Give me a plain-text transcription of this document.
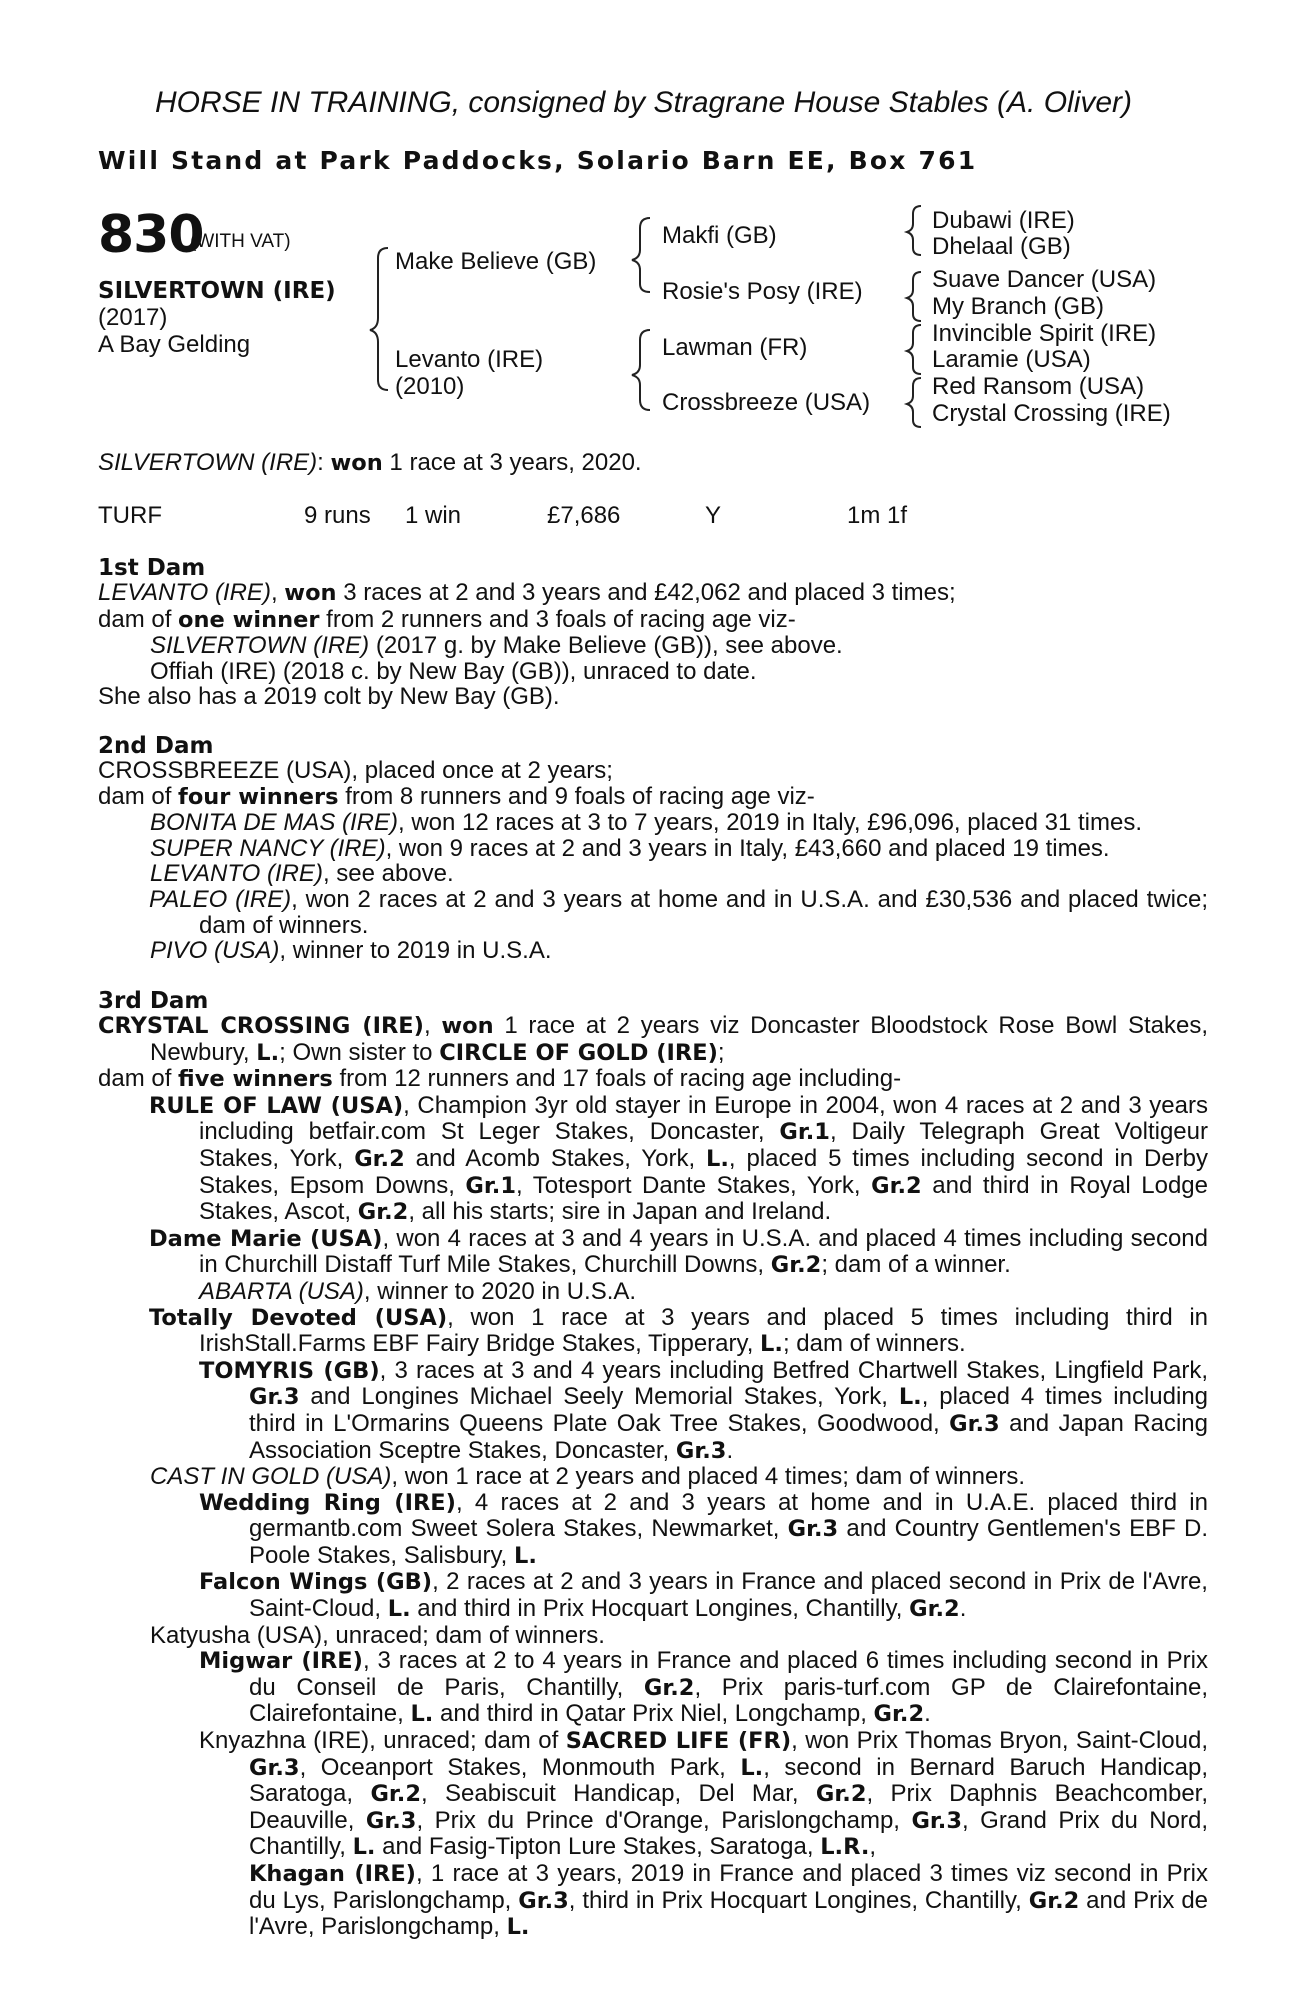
HORSE IN TRAINING, consigned by Stragrane House Stables (A. Oliver)
Will Stand at Park Paddocks, Solario Barn EE, Box 761
830
(WITH VAT)
SILVERTOWN (IRE)
(2017)
A Bay Gelding
Make Believe (GB)
Levanto (IRE)
(2010)
Makfi (GB)
Rosie's Posy (IRE)
Lawman (FR)
Crossbreeze (USA)
Dubawi (IRE)
Dhelaal (GB)
Suave Dancer (USA)
My Branch (GB)
Invincible Spirit (IRE)
Laramie (USA)
Red Ransom (USA)
Crystal Crossing (IRE)
SILVERTOWN (IRE): won 1 race at 3 years, 2020.
TURF	9 runs 1 win	£7,686	Y	1m 1f
1st Dam

LEVANTO (IRE), won 3 races at 2 and 3 years and £42,062 and placed 3 times;

dam of one winner from 2 runners and 3 foals of racing age viz-

SILVERTOWN (IRE) (2017 g. by Make Believe (GB)), see above.

Offiah (IRE) (2018 c. by New Bay (GB)), unraced to date.

She also has a 2019 colt by New Bay (GB).

2nd Dam

CROSSBREEZE (USA), placed once at 2 years;

dam of four winners from 8 runners and 9 foals of racing age viz-

BONITA DE MAS (IRE), won 12 races at 3 to 7 years, 2019 in Italy, £96,096, placed 31 times.

SUPER NANCY (IRE), won 9 races at 2 and 3 years in Italy, £43,660 and placed 19 times.

LEVANTO (IRE), see above.

PALEO (IRE), won 2 races at 2 and 3 years at home and in U.S.A. and £30,536 and placed twice; dam of winners.

PIVO (USA), winner to 2019 in U.S.A.

3rd Dam

CRYSTAL CROSSING (IRE), won 1 race at 2 years viz Doncaster Bloodstock Rose Bowl Stakes, Newbury, L.; Own sister to CIRCLE OF GOLD (IRE);

dam of five winners from 12 runners and 17 foals of racing age including-

RULE OF LAW (USA), Champion 3yr old stayer in Europe in 2004, won 4 races at 2 and 3 years including betfair.com St Leger Stakes, Doncaster, Gr.1, Daily Telegraph Great Voltigeur Stakes, York, Gr.2 and Acomb Stakes, York, L., placed 5 times including second in Derby Stakes, Epsom Downs, Gr.1, Totesport Dante Stakes, York, Gr.2 and third in Royal Lodge Stakes, Ascot, Gr.2, all his starts; sire in Japan and Ireland.

Dame Marie (USA), won 4 races at 3 and 4 years in U.S.A. and placed 4 times including second in Churchill Distaff Turf Mile Stakes, Churchill Downs, Gr.2; dam of a winner.

ABARTA (USA), winner to 2020 in U.S.A.

Totally Devoted (USA), won 1 race at 3 years and placed 5 times including third in IrishStall.Farms EBF Fairy Bridge Stakes, Tipperary, L.; dam of winners.

TOMYRIS (GB), 3 races at 3 and 4 years including Betfred Chartwell Stakes, Lingfield Park, Gr.3 and Longines Michael Seely Memorial Stakes, York, L., placed 4 times including third in L'Ormarins Queens Plate Oak Tree Stakes, Goodwood, Gr.3 and Japan Racing Association Sceptre Stakes, Doncaster, Gr.3.

CAST IN GOLD (USA), won 1 race at 2 years and placed 4 times; dam of winners.

Wedding Ring (IRE), 4 races at 2 and 3 years at home and in U.A.E. placed third in germantb.com Sweet Solera Stakes, Newmarket, Gr.3 and Country Gentlemen's EBF D. Poole Stakes, Salisbury, L.

Falcon Wings (GB), 2 races at 2 and 3 years in France and placed second in Prix de l'Avre, Saint-Cloud, L. and third in Prix Hocquart Longines, Chantilly, Gr.2.

Katyusha (USA), unraced; dam of winners.

Migwar (IRE), 3 races at 2 to 4 years in France and placed 6 times including second in Prix du Conseil de Paris, Chantilly, Gr.2, Prix paris-turf.com GP de Clairefontaine, Clairefontaine, L. and third in Qatar Prix Niel, Longchamp, Gr.2.

Knyazhna (IRE), unraced; dam of SACRED LIFE (FR), won Prix Thomas Bryon, Saint-Cloud, Gr.3, Oceanport Stakes, Monmouth Park, L., second in Bernard Baruch Handicap, Saratoga, Gr.2, Seabiscuit Handicap, Del Mar, Gr.2, Prix Daphnis Beachcomber, Deauville, Gr.3, Prix du Prince d'Orange, Parislongchamp, Gr.3, Grand Prix du Nord, Chantilly, L. and Fasig-Tipton Lure Stakes, Saratoga, L.R.,

Khagan (IRE), 1 race at 3 years, 2019 in France and placed 3 times viz second in Prix du Lys, Parislongchamp, Gr.3, third in Prix Hocquart Longines, Chantilly, Gr.2 and Prix de l'Avre, Parislongchamp, L.
